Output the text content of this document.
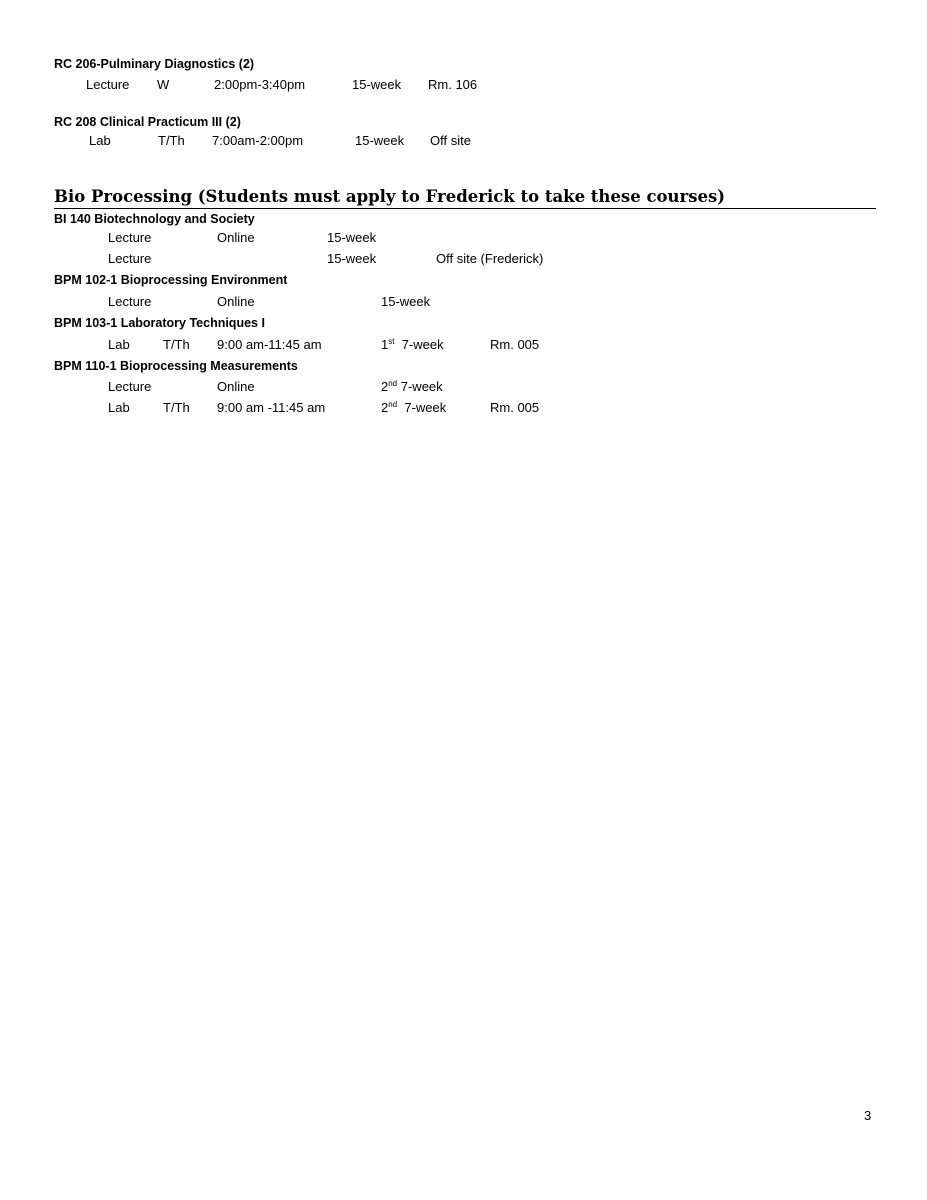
RC 206-Pulminary Diagnostics (2)
Lecture W	2:00pm-3:40pm	15-week Rm. 106
RC 208 Clinical Practicum III (2)
Lab	T/Th 7:00am-2:00pm	15-week Off site
Bio Processing (Students must apply to Frederick to take these courses)
BI 140 Biotechnology and Society
Lecture	Online	15-week
Lecture	15-week	Off site (Frederick)
BPM 102-1 Bioprocessing Environment
Lecture	Online	15-week
BPM 103-1 Laboratory Techniques I
Lab	T/Th 9:00 am-11:45 am	1st  7-week	Rm. 005
BPM 110-1 Bioprocessing Measurements
Lecture	Online	2nd 7-week
Lab	T/Th 9:00 am -11:45 am	2nd  7-week	Rm. 005
3
